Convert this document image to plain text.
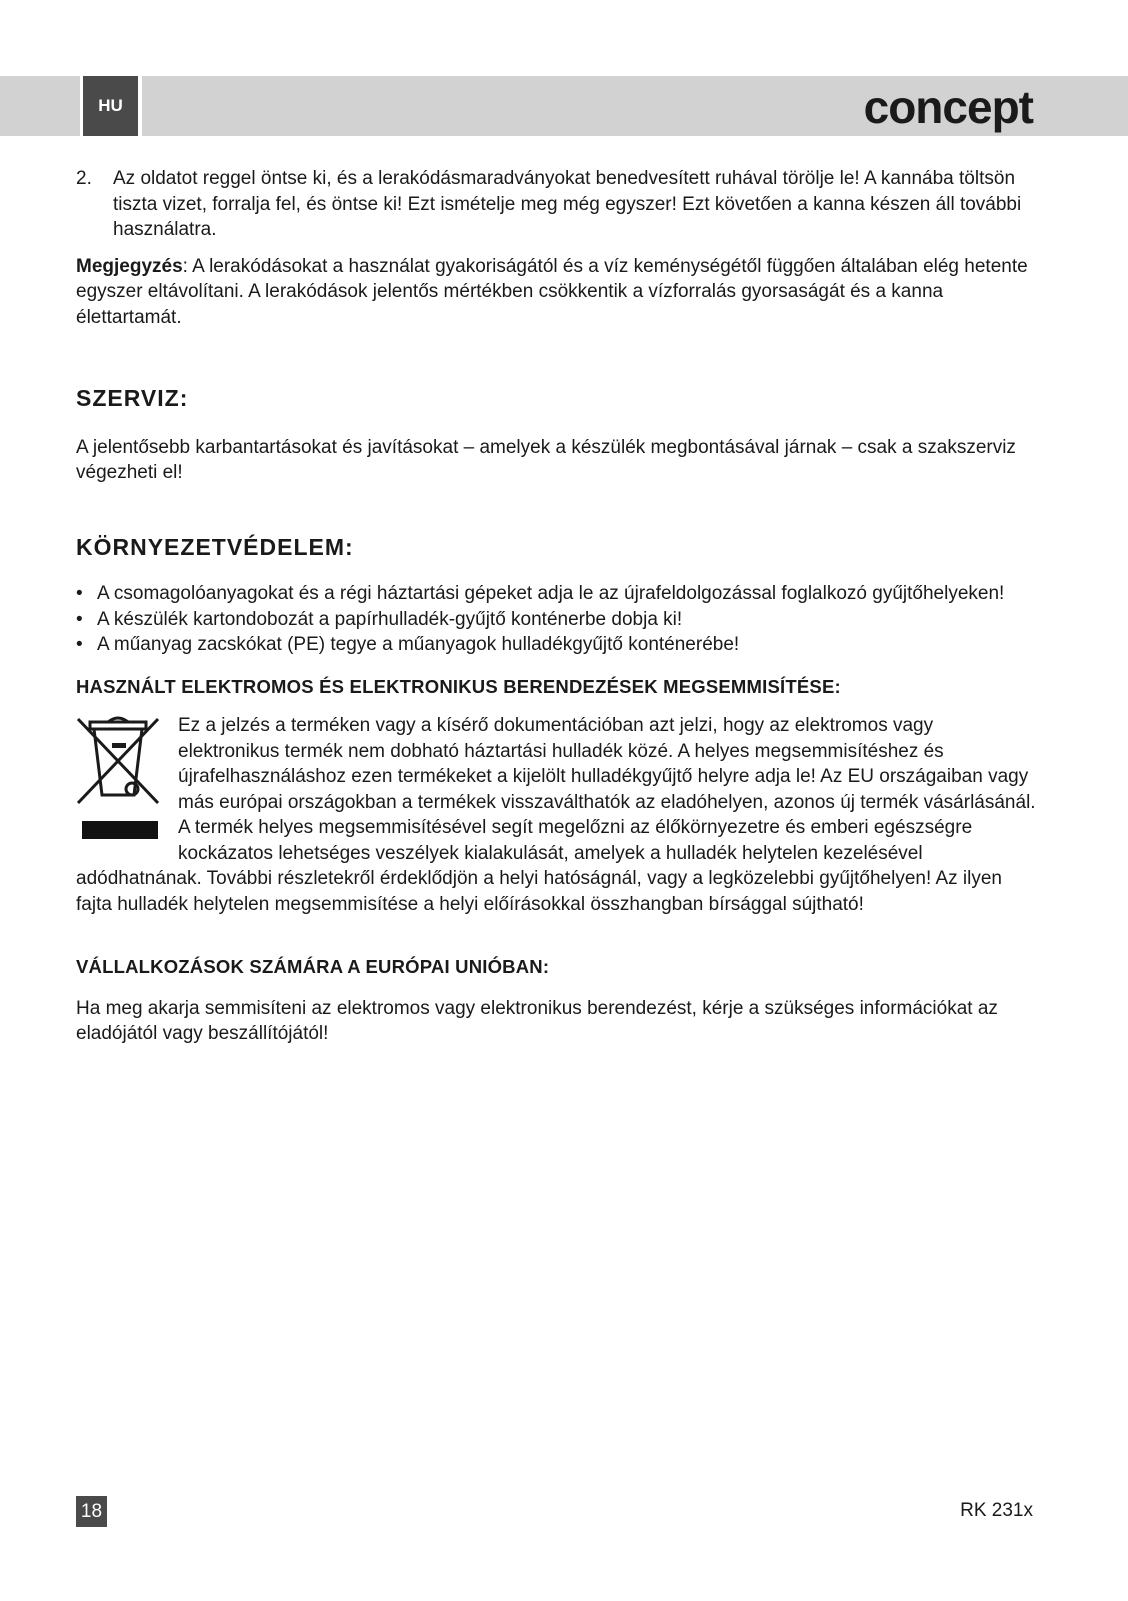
HU	concept
2.	Az oldatot reggel öntse ki, és a lerakódásmaradványokat benedvesített ruhával törölje le! A kannába töltsön tiszta vizet, forralja fel, és öntse ki! Ezt ismételje meg még egyszer! Ezt követően a kanna készen áll további használatra.

Megjegyzés: A lerakódásokat a használat gyakoriságától és a víz keménységétől függően általában elég hetente egyszer eltávolítani. A lerakódások jelentős mértékben csökkentik a vízforralás gyorsaságát és a kanna élettartamát.

SZERVIZ:

A jelentősebb karbantartásokat és javításokat – amelyek a készülék megbontásával járnak – csak a szakszerviz végezheti el!

KÖRNYEZETVÉDELEM:
• A csomagolóanyagokat és a régi háztartási gépeket adja le az újrafeldolgozással foglalkozó gyűjtőhelyeken!
• A készülék kartondobozát a papírhulladék-gyűjtő konténerbe dobja ki!
• A műanyag zacskókat (PE) tegye a műanyagok hulladékgyűjtő konténerébe!
HASZNÁLT ELEKTROMOS ÉS ELEKTRONIKUS BERENDEZÉSEK MEGSEMMISÍTÉSE:

Ez a jelzés a terméken vagy a kísérő dokumentációban azt jelzi, hogy az elektromos vagy elektronikus termék nem dobható háztartási hulladék közé. A helyes megsemmisítéshez és újrafelhasználáshoz ezen termékeket a kijelölt hulladékgyűjtő helyre adja le! Az EU országaiban vagy más európai országokban a termékek visszaválthatók az eladóhelyen, azonos új termék vásárlásánál. A termék helyes megsemmisítésével segít megelőzni az élőkörnyezetre és emberi egészségre kockázatos lehetséges veszélyek kialakulását, amelyek a hulladék helytelen kezelésével adódhatnának. További részletekről érdeklődjön a helyi hatóságnál, vagy a legközelebbi gyűjtőhelyen! Az ilyen fajta hulladék helytelen megsemmisítése a helyi előírásokkal összhangban bírsággal sújtható!

VÁLLALKOZÁSOK SZÁMÁRA A EURÓPAI UNIÓBAN:

Ha meg akarja semmisíteni az elektromos vagy elektronikus berendezést, kérje a szükséges információkat az eladójától vagy beszállítójától!

18	RK 231x
